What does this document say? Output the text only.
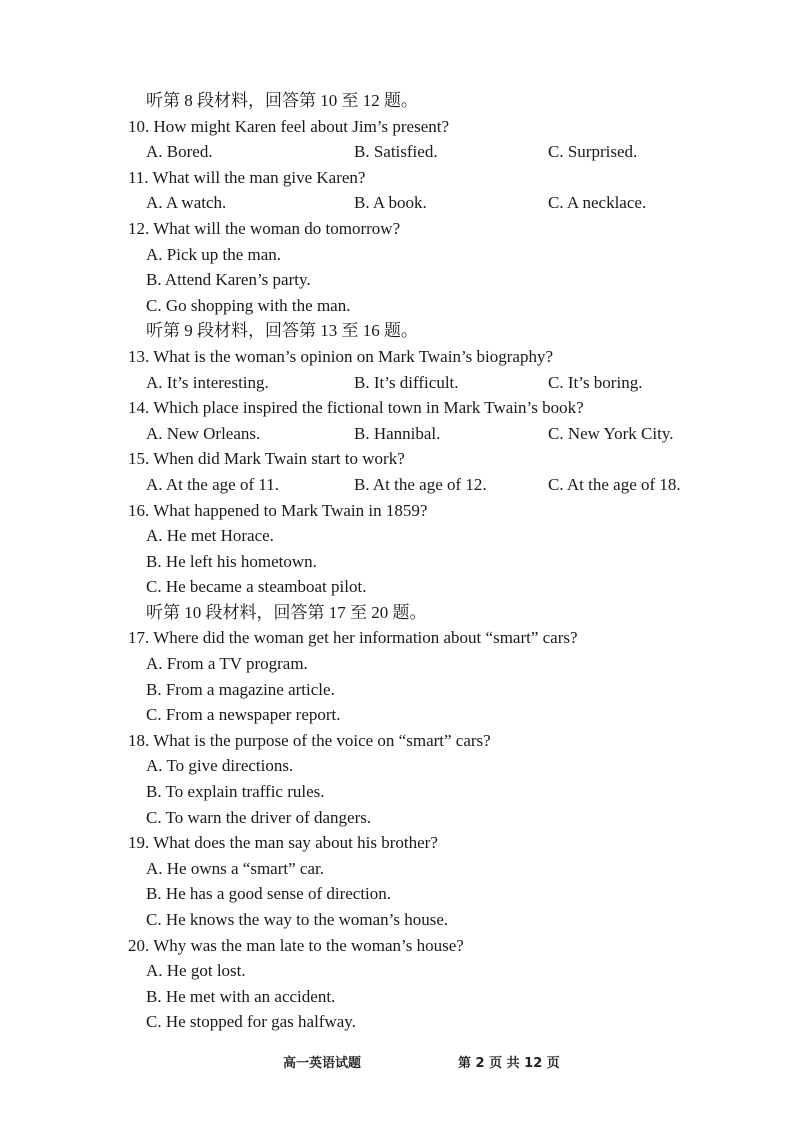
听第 8 段材料，回答第 10 至 12 题。
10. How might Karen feel about Jim’s present?
A. Bored.	B. Satisfied.	C. Surprised.
11. What will the man give Karen?
A. A watch.	B. A book.	C. A necklace.
12. What will the woman do tomorrow?
A. Pick up the man.
B. Attend Karen’s party.
C. Go shopping with the man.
听第 9 段材料，回答第 13 至 16 题。
13. What is the woman’s opinion on Mark Twain’s biography?
A. It’s interesting.	B. It’s difficult.	C. It’s boring.
14. Which place inspired the fictional town in Mark Twain’s book?
A. New Orleans.	B. Hannibal.	C. New York City.
15. When did Mark Twain start to work?
A. At the age of 11.	B. At the age of 12.	C. At the age of 18.
16. What happened to Mark Twain in 1859?
A. He met Horace.
B. He left his hometown.
C. He became a steamboat pilot.
听第 10 段材料，回答第 17 至 20 题。
17. Where did the woman get her information about “smart” cars?
A. From a TV program.
B. From a magazine article.
C. From a newspaper report.
18. What is the purpose of the voice on “smart” cars?
A. To give directions.
B. To explain traffic rules.
C. To warn the driver of dangers.
19. What does the man say about his brother?
A. He owns a “smart” car.
B. He has a good sense of direction.
C. He knows the way to the woman’s house.
20. Why was the man late to the woman’s house?
A. He got lost.
B. He met with an accident.
C. He stopped for gas halfway.
高一英语试题	第 2 页 共 12 页
